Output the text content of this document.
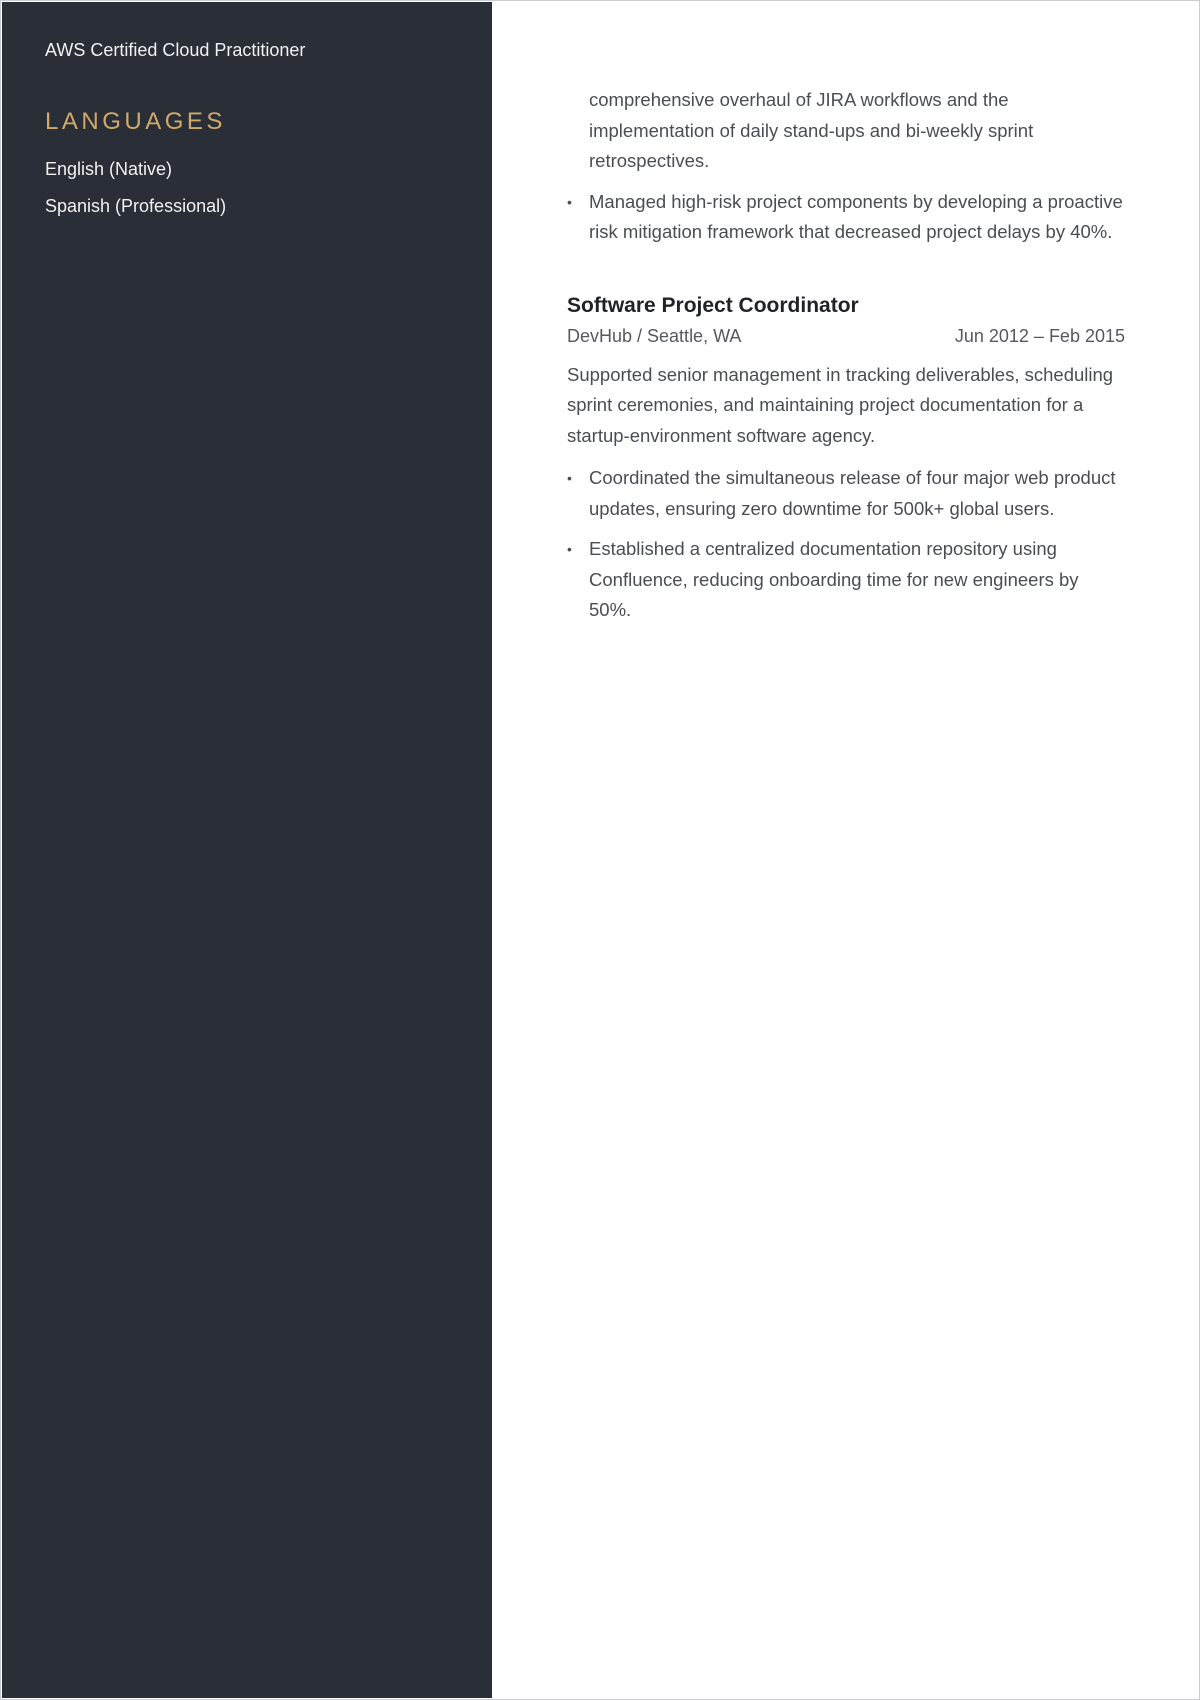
AWS Certified Cloud Practitioner
LANGUAGES
English (Native)
Spanish (Professional)
comprehensive overhaul of JIRA workflows and the implementation of daily stand-ups and bi-weekly sprint retrospectives.
• Managed high-risk project components by developing a proactive risk mitigation framework that decreased project delays by 40%.
Software Project Coordinator
DevHub / Seattle, WA	Jun 2012 – Feb 2015
Supported senior management in tracking deliverables, scheduling sprint ceremonies, and maintaining project documentation for a startup-environment software agency.
• Coordinated the simultaneous release of four major web product updates, ensuring zero downtime for 500k+ global users.
• Established a centralized documentation repository using Confluence, reducing onboarding time for new engineers by 50%.
